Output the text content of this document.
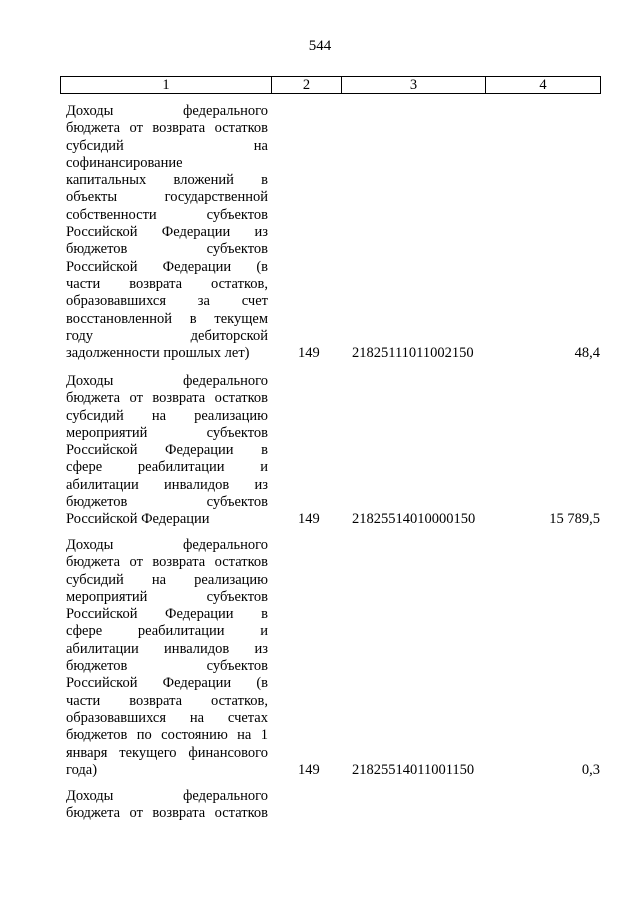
544
1	2	3	4
Доходы федерального
бюджета от возврата остатков
субсидий на
софинансирование
капитальных вложений в
объекты государственной
собственности субъектов
Российской Федерации из
бюджетов субъектов
Российской Федерации (в
части возврата остатков,
образовавшихся за счет
восстановленной в текущем
году дебиторской
задолженности прошлых лет)	149 21825111011002150	48,4
Доходы федерального
бюджета от возврата остатков
субсидий на реализацию
мероприятий субъектов
Российской Федерации в
сфере реабилитации и
абилитации инвалидов из
бюджетов субъектов
Российской Федерации	149 21825514010000150	15 789,5
Доходы федерального
бюджета от возврата остатков
субсидий на реализацию
мероприятий субъектов
Российской Федерации в
сфере реабилитации и
абилитации инвалидов из
бюджетов субъектов
Российской Федерации (в
части возврата остатков,
образовавшихся на счетах
бюджетов по состоянию на 1
января текущего финансового
года)	149 21825514011001150	0,3
Доходы федерального
бюджета от возврата остатков
